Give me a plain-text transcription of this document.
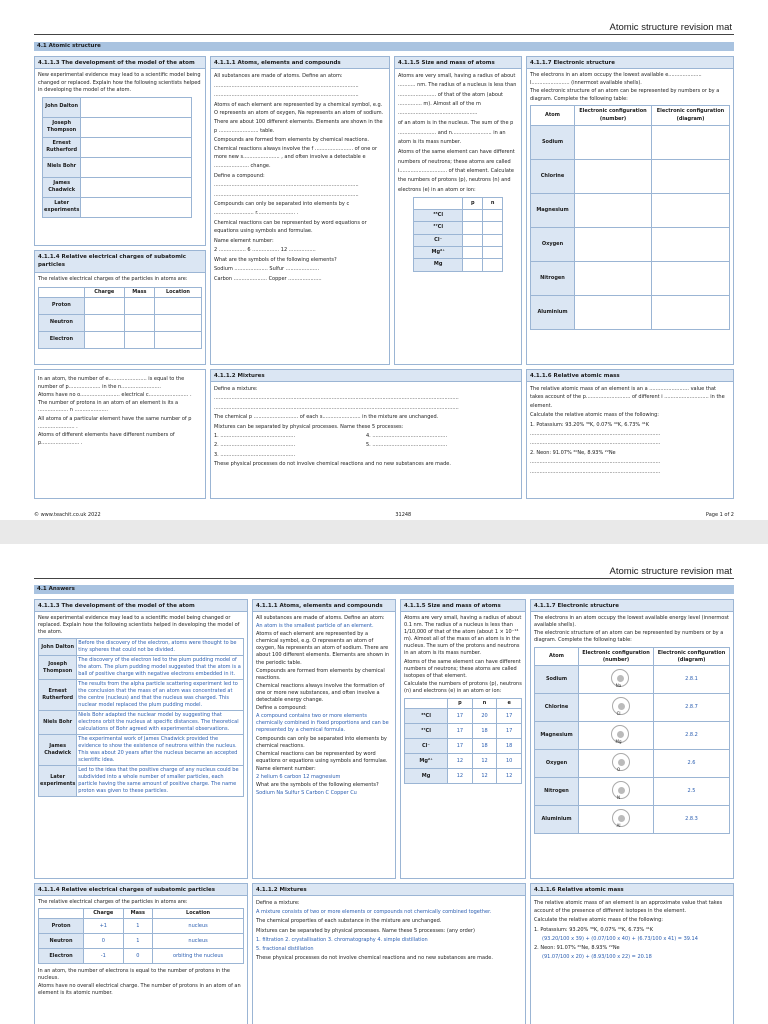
Atomic structure revision mat
4.1 Atomic structure
4.1.1.3 The development of the model of the atom

New experimental evidence may lead to a scientific model being changed or replaced. Explain how the following scientists helped in developing the model of the atom.

John Dalton	
Joseph Thompson	
Ernest Rutherford	
Niels Bohr	
James Chadwick	
Later experiments	
4.1.1.4 Relative electrical charges of subatomic particles

The relative electrical charges of the particles in atoms are:

	Charge	Mass	Location
Proton			
Neutron			
Electron			

In an atom, the number of e........................ is equal to the number of p.................... in the n.........................

Atoms have no o......................... electrical c......................... . The number of protons in an atom of an element is its a ................... n .....................

All atoms of a particular element have the same number of p ....................... .

Atoms of different elements have different numbers of p........................ .

4.1.1.1 Atoms, elements and compounds

All substances are made of atoms. Define an atom:

...........................................................................................

...........................................................................................

Atoms of each element are represented by a chemical symbol, e.g. O represents an atom of oxygen, Na represents an atom of sodium. There are about 100 different elements. Elements are shown in the p ......................... table.

Compounds are formed from elements by chemical reactions. Chemical reactions always involve the f ........................ of one or more new s....................... , and often involve a detectable e ...................... change.

Define a compound:

...........................................................................................

...........................................................................................

Compounds can only be separated into elements by c ......................... r........................ .

Chemical reactions can be represented by word equations or equations using symbols and formulae.

Name element number:

2 ................. 6 ................. 12 .................

What are the symbols of the following elements?

Sodium ..................... Sulfur .....................

Carbon ..................... Copper .....................

4.1.1.5 Size and mass of atoms

Atoms are very small, having a radius of about ........... nm. The radius of a nucleus is less than ........................ of that of the atom (about ............... m). Almost all of the m ..................................................

of an atom is in the nucleus. The sum of the p ........................ and n......................... in an atom is its mass number.

Atoms of the same element can have different numbers of neutrons; these atoms are called i.............................. of that element. Calculate the numbers of protons (p), neutrons (n) and electrons (e) in an atom or ion:

	p	n
³⁵Cl		
³⁷Cl		
Cl⁻		
Mg²⁺		
Mg		
4.1.1.7 Electronic structure

The electrons in an atom occupy the lowest available e..................... l........................ (innermost available shells).

The electronic structure of an atom can be represented by numbers or by a diagram. Complete the following table:

Atom	Electronic configuration (number)	Electronic configuration (diagram)
Sodium		
Chlorine		
Magnesium		
Oxygen		
Nitrogen		
Aluminium		
4.1.1.2 Mixtures

Define a mixture:

..........................................................................................................................................................

..........................................................................................................................................................

The chemical p ............................ of each s........................ in the mixture are unchanged.

Mixtures can be separated by physical processes. Name these 5 processes:

1. ...............................................	4. ...............................................

2. ...............................................	5. ...............................................

3. ...............................................

These physical processes do not involve chemical reactions and no new substances are made.

4.1.1.6 Relative atomic mass

The relative atomic mass of an element is an a ......................... value that takes account of the p............................ of different i ............................ in the element.

Calculate the relative atomic mass of the following:

1. Potassium: 93.20% ³⁹K, 0.07% ⁴⁰K, 6.73% ⁴¹K

..................................................................................

..................................................................................

2. Neon: 91.07% ²⁰Ne, 8.93% ²²Ne

..................................................................................

..................................................................................

© www.teachit.co.uk 2022	31248	Page 1 of 2
Atomic structure revision mat
4.1 Answers
4.1.1.3 The development of the model of the atom

New experimental evidence may lead to a scientific model being changed or replaced. Explain how the following scientists helped in developing the model of the atom.

John Dalton	Before the discovery of the electron, atoms were thought to be tiny spheres that could not be divided.
Joseph Thompson	The discovery of the electron led to the plum pudding model of the atom. The plum pudding model suggested that the atom is a ball of positive charge with negative electrons embedded in it.
Ernest Rutherford	The results from the alpha particle scattering experiment led to the conclusion that the mass of an atom was concentrated at the centre (nucleus) and that the nucleus was charged. This nuclear model replaced the plum pudding model.
Niels Bohr	Niels Bohr adapted the nuclear model by suggesting that electrons orbit the nucleus at specific distances. The theoretical calculations of Bohr agreed with experimental observations.
James Chadwick	The experimental work of James Chadwick provided the evidence to show the existence of neutrons within the nucleus. This was about 20 years after the nucleus became an accepted scientific idea.
Later experiments	Led to the idea that the positive charge of any nucleus could be subdivided into a whole number of smaller particles, each particle having the same amount of positive charge. The name proton was given to these particles.
4.1.1.4 Relative electrical charges of subatomic particles

The relative electrical charges of the particles in atoms are:

	Charge	Mass	Location
Proton	+1	1	nucleus
Neutron	0	1	nucleus
Electron	-1	0	orbiting the nucleus

In an atom, the number of electrons is equal to the number of protons in the nucleus.

Atoms have no overall electrical charge. The number of protons in an atom of an element is its atomic number.

4.1.1.1 Atoms, elements and compounds

All substances are made of atoms. Define an atom:

An atom is the smallest particle of an element.

Atoms of each element are represented by a chemical symbol, e.g. O represents an atom of oxygen, Na represents an atom of sodium. There are about 100 different elements. Elements are shown in the periodic table.

Compounds are formed from elements by chemical reactions.

Chemical reactions always involve the formation of one or more new substances, and often involve a detectable energy change.

Define a compound:

A compound contains two or more elements chemically combined in fixed proportions and can be represented by a chemical formula.

Compounds can only be separated into elements by chemical reactions.

Chemical reactions can be represented by word equations or equations using symbols and formulae.

Name element number:

2 helium 6 carbon 12 magnesium

What are the symbols of the following elements?

Sodium Na Sulfur S Carbon C Copper Cu

4.1.1.5 Size and mass of atoms

Atoms are very small, having a radius of about 0.1 nm. The radius of a nucleus is less than 1/10,000 of that of the atom (about 1 × 10⁻¹⁴ m). Almost all of the mass of an atom is in the nucleus. The sum of the protons and neutrons in an atom is its mass number.

Atoms of the same element can have different numbers of neutrons; these atoms are called isotopes of that element.

Calculate the numbers of protons (p), neutrons (n) and electrons (e) in an atom or ion:

	p	n	e
³⁵Cl	17	20	17
³⁷Cl	17	18	17
Cl⁻	17	18	18
Mg²⁺	12	12	10
Mg	12	12	12
4.1.1.7 Electronic structure

The electrons in an atom occupy the lowest available energy level (innermost available shells).

The electronic structure of an atom can be represented by numbers or by a diagram. Complete the following table:

Atom	Electronic configuration (number)	Electronic configuration (diagram)
Sodium	Na	2.8.1
Chlorine	Cl	2.8.7
Magnesium	Mg	2.8.2
Oxygen	O	2.6
Nitrogen	N	2.5
Aluminium	Al	2.8.3
4.1.1.2 Mixtures

Define a mixture:

A mixture consists of two or more elements or compounds not chemically combined together.

The chemical properties of each substance in the mixture are unchanged.

Mixtures can be separated by physical processes. Name these 5 processes: (any order)

1. filtration 2. crystallisation 3. chromatography 4. simple distillation

5. fractional distillation

These physical processes do not involve chemical reactions and no new substances are made.

4.1.1.6 Relative atomic mass

The relative atomic mass of an element is an approximate value that takes account of the presence of different isotopes in the element.

Calculate the relative atomic mass of the following:

1. Potassium: 93.20% ³⁹K, 0.07% ⁴⁰K, 6.73% ⁴¹K

(93.20/100 x 39) + (0.07/100 x 40) + (6.73/100 x 41) = 39.14

2. Neon: 91.07% ²⁰Ne, 8.93% ²²Ne

(91.07/100 x 20) + (8.93/100 x 22) = 20.18
